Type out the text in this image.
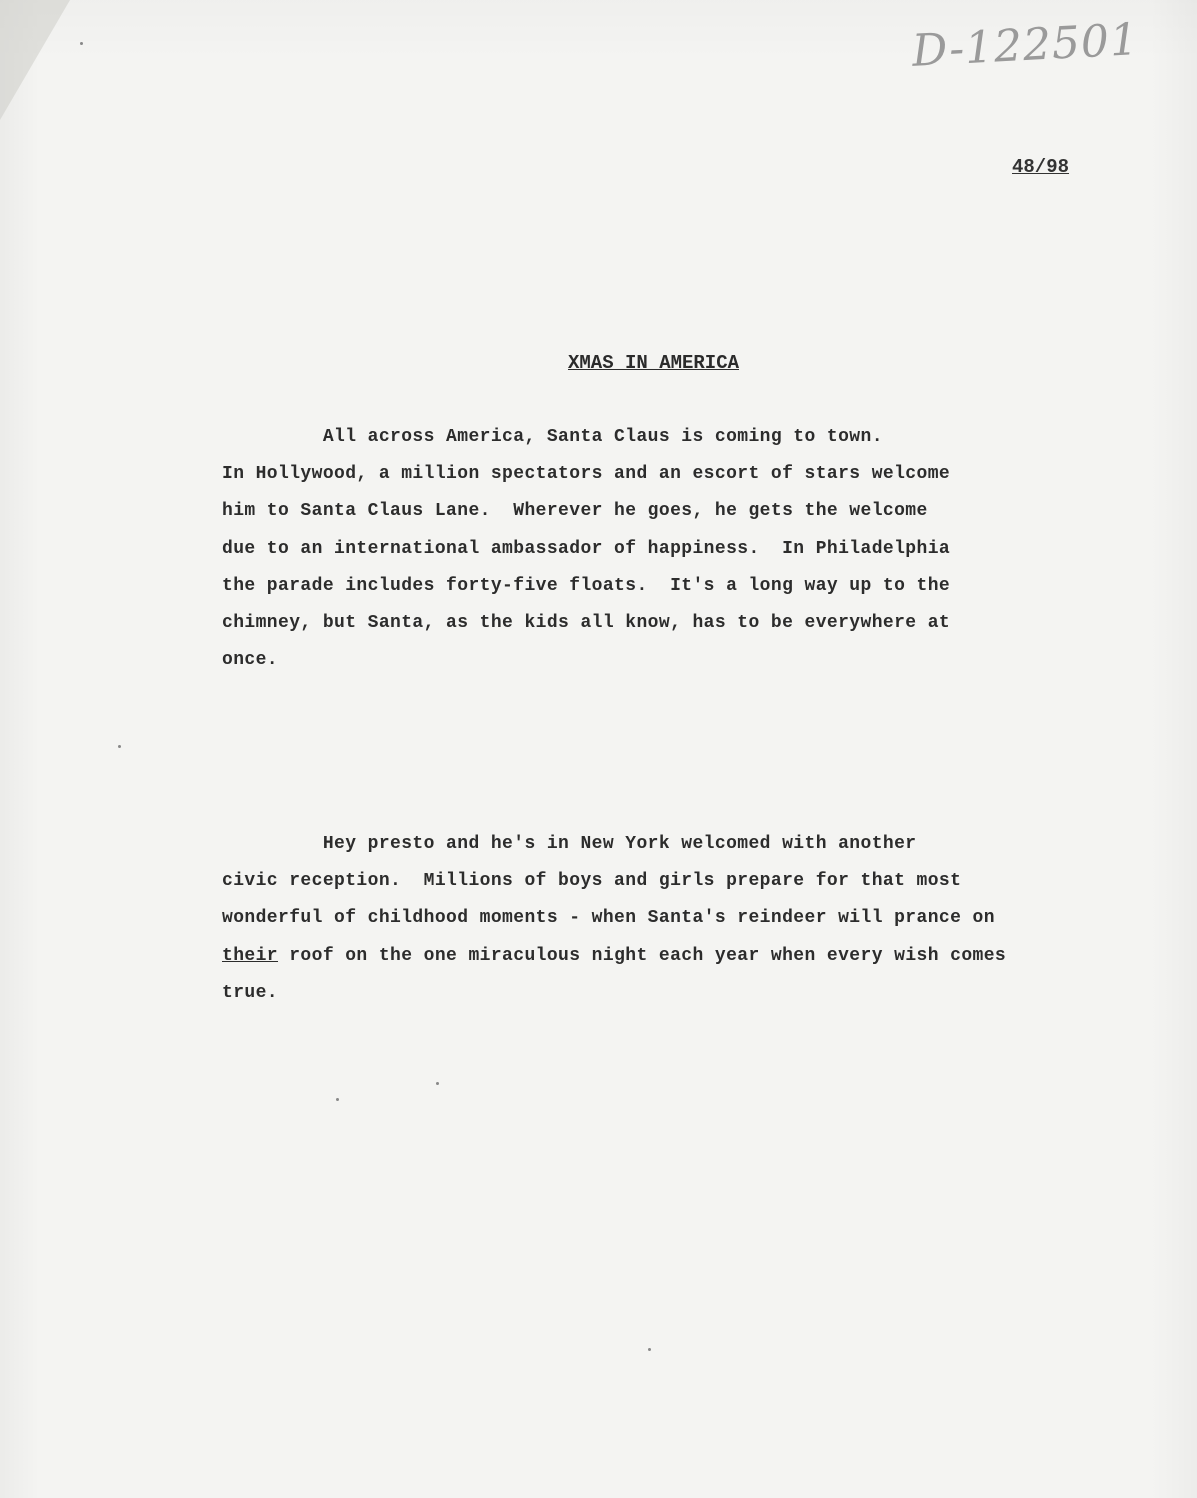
D-122501
48/98
XMAS IN AMERICA
All across America, Santa Claus is coming to town.
In Hollywood, a million spectators and an escort of stars welcome
him to Santa Claus Lane.  Wherever he goes, he gets the welcome
due to an international ambassador of happiness.  In Philadelphia
the parade includes forty-five floats.  It's a long way up to the
chimney, but Santa, as the kids all know, has to be everywhere at
once.
Hey presto and he's in New York welcomed with another
civic reception.  Millions of boys and girls prepare for that most
wonderful of childhood moments - when Santa's reindeer will prance on
their roof on the one miraculous night each year when every wish comes
true.
